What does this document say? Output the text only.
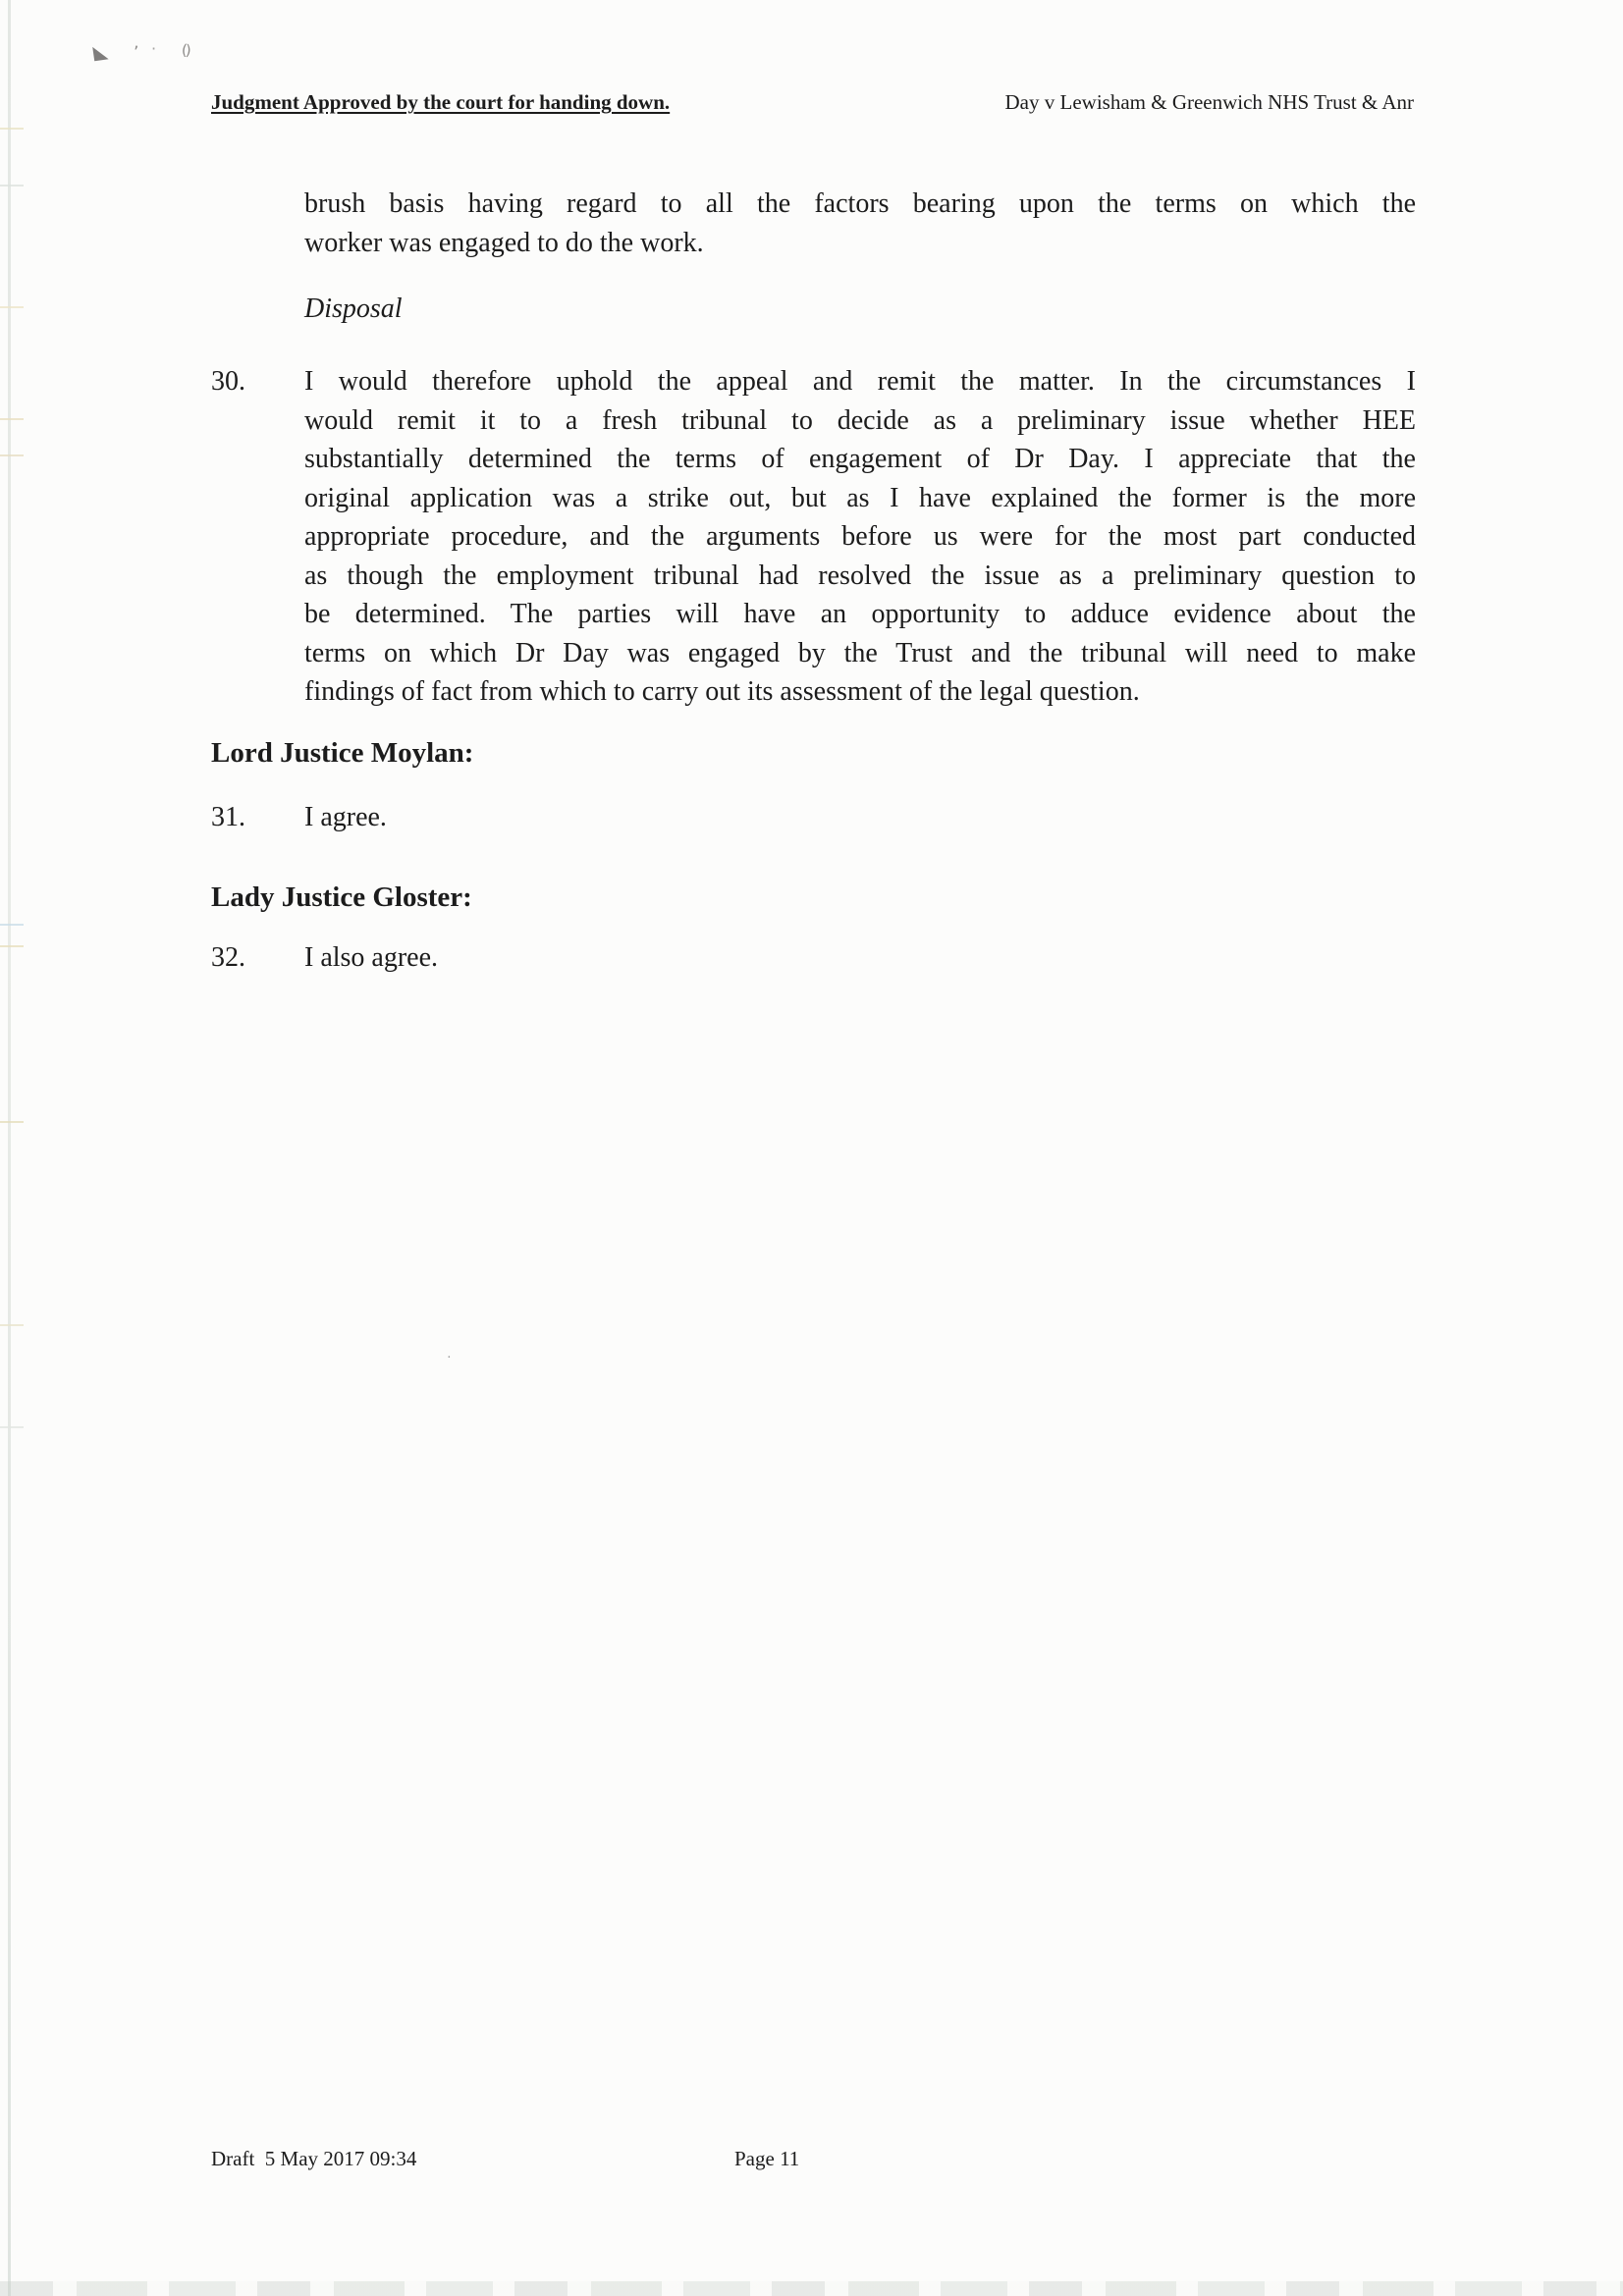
◣ ʼ · ()
Judgment Approved by the court for handing down.	Day v Lewisham & Greenwich NHS Trust & Anr
brush basis having regard to all the factors bearing upon the terms on which the
worker was engaged to do the work.
Disposal
30.	I would therefore uphold the appeal and remit the matter. In the circumstances I
would remit it to a fresh tribunal to decide as a preliminary issue whether HEE
substantially determined the terms of engagement of Dr Day. I appreciate that the
original application was a strike out, but as I have explained the former is the more
appropriate procedure, and the arguments before us were for the most part conducted
as though the employment tribunal had resolved the issue as a preliminary question to
be determined. The parties will have an opportunity to adduce evidence about the
terms on which Dr Day was engaged by the Trust and the tribunal will need to make
findings of fact from which to carry out its assessment of the legal question.
Lord Justice Moylan:
31.	I agree.
Lady Justice Gloster:
32.	I also agree.
·
Draft  5 May 2017 09:34	Page 11
